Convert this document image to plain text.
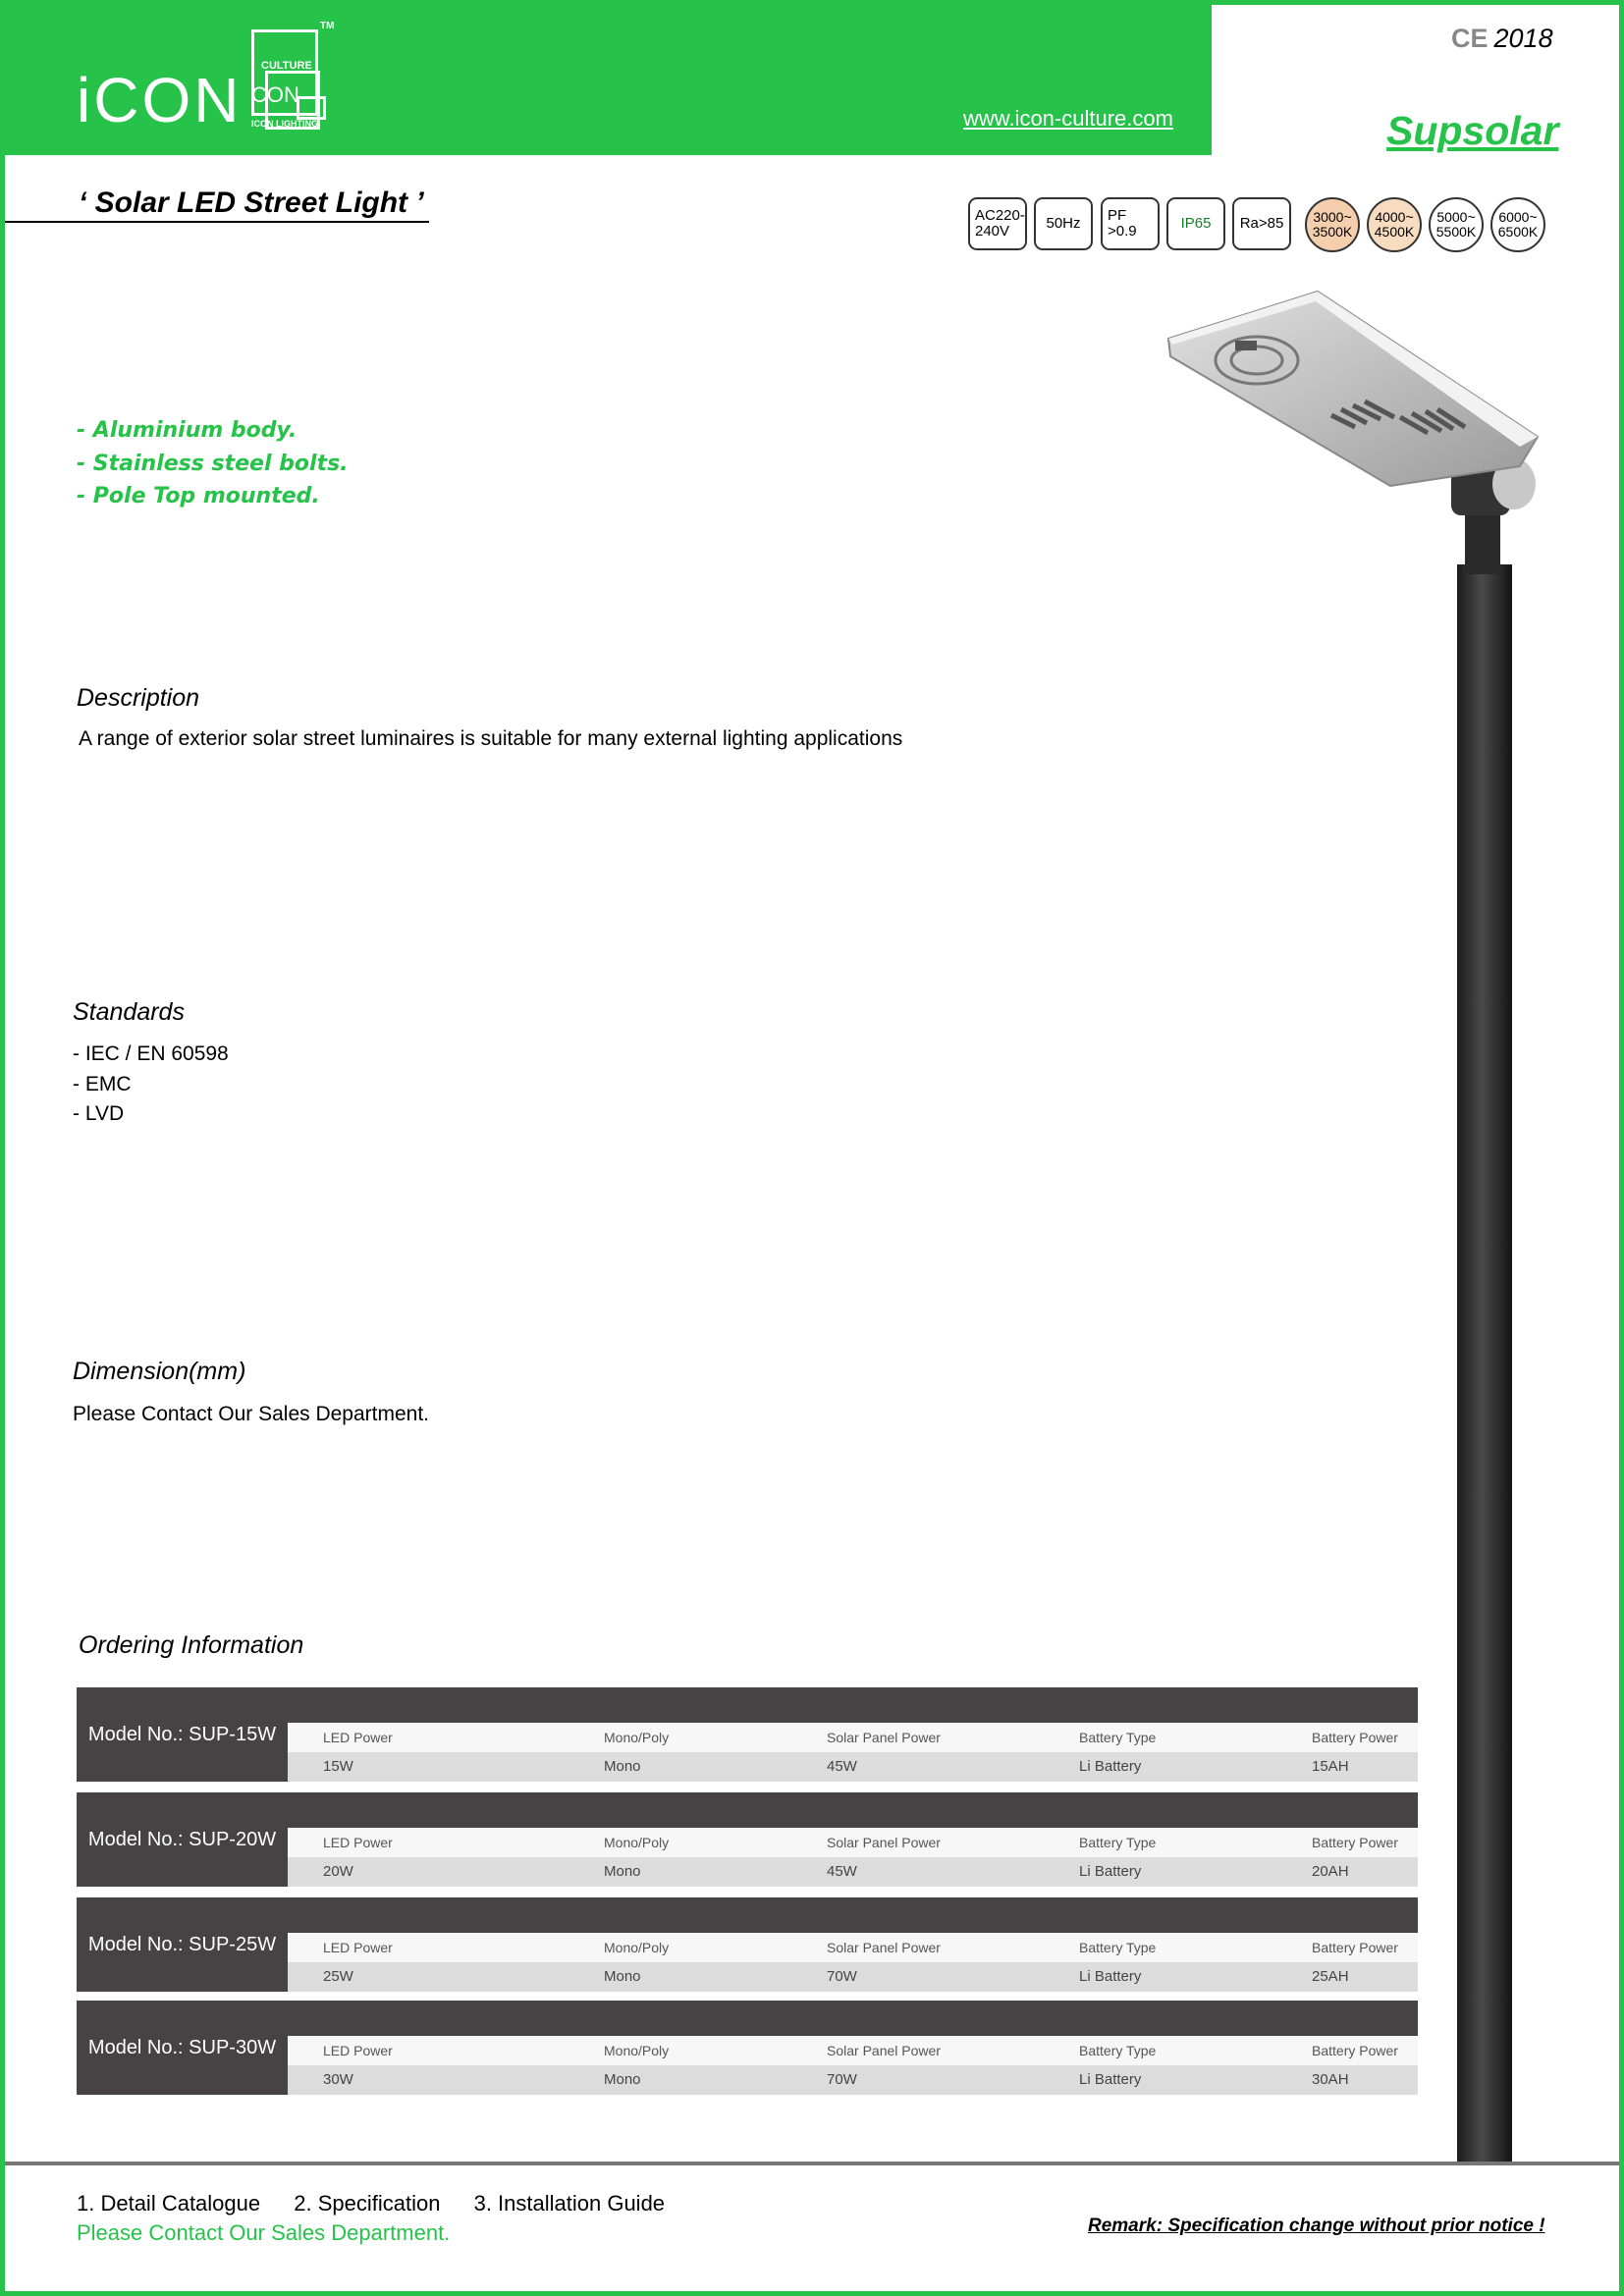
iCON CULTURE
CON
TM
ICON LIGHTING	www.icon-culture.com
CE 2018
Supsolar
‘ Solar LED Street Light ’	AC220-
240V	50Hz	PF
>0.9	IP65	Ra>85	3000~
3500K
4000~
4500K
5000~
5500K
6000~
6500K
- Aluminium body.
- Stainless steel bolts.
- Pole Top mounted.
Description
A range of exterior solar street luminaires is suitable for many external lighting applications
Standards
- IEC / EN 60598
- EMC
- LVD
Dimension(mm)
Please Contact Our Sales Department.
Ordering Information
Model No.: SUP-15W	LED Power	Mono/Poly	Solar Panel Power	Battery Type	Battery Power
15W	Mono	45W	Li Battery	15AH
Model No.: SUP-20W	LED Power	Mono/Poly	Solar Panel Power	Battery Type	Battery Power
20W	Mono	45W	Li Battery	20AH
Model No.: SUP-25W	LED Power	Mono/Poly	Solar Panel Power	Battery Type	Battery Power
25W	Mono	70W	Li Battery	25AH
Model No.: SUP-30W	LED Power	Mono/Poly	Solar Panel Power	Battery Type	Battery Power
30W	Mono	70W	Li Battery	30AH
1. Detail Catalogue 2. Specification 3. Installation Guide
Please Contact Our Sales Department.	Remark: Specification change without prior notice !
